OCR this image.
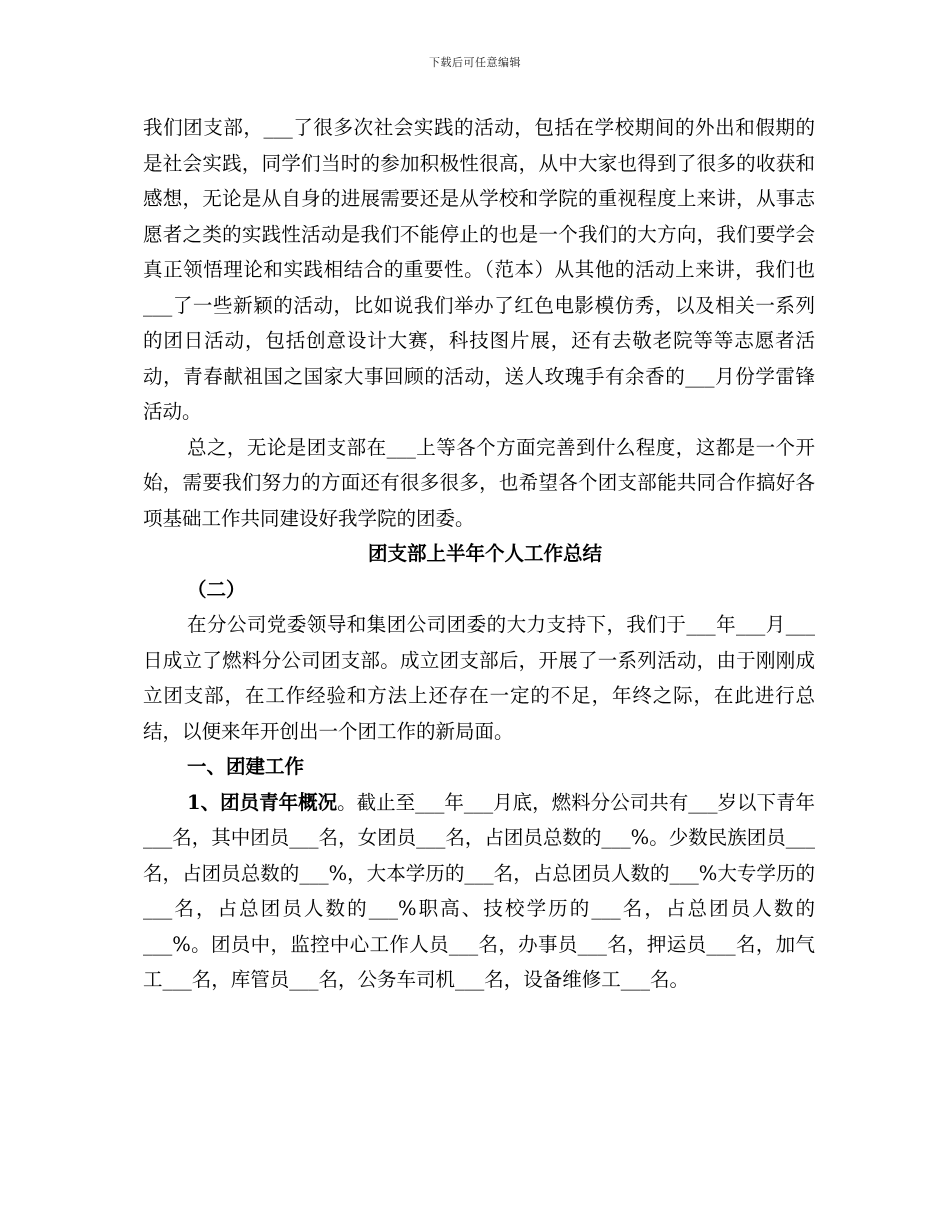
下载后可任意编辑

我们团支部，___了很多次社会实践的活动，包括在学校期间的外出和假期的是社会实践，同学们当时的参加积极性很高，从中大家也得到了很多的收获和感想，无论是从自身的进展需要还是从学校和学院的重视程度上来讲，从事志愿者之类的实践性活动是我们不能停止的也是一个我们的大方向，我们要学会真正领悟理论和实践相结合的重要性。（范本）从其他的活动上来讲，我们也___了一些新颖的活动，比如说我们举办了红色电影模仿秀，以及相关一系列的团日活动，包括创意设计大赛，科技图片展，还有去敬老院等等志愿者活动，青春献祖国之国家大事回顾的活动，送人玫瑰手有余香的___月份学雷锋活动。

总之，无论是团支部在___上等各个方面完善到什么程度，这都是一个开始，需要我们努力的方面还有很多很多，也希望各个团支部能共同合作搞好各项基础工作共同建设好我学院的团委。

团支部上半年个人工作总结

（二）

在分公司党委领导和集团公司团委的大力支持下，我们于___年___月___日成立了燃料分公司团支部。成立团支部后，开展了一系列活动，由于刚刚成立团支部，在工作经验和方法上还存在一定的不足，年终之际，在此进行总结，以便来年开创出一个团工作的新局面。

一、团建工作

1、团员青年概况。截止至___年___月底，燃料分公司共有___岁以下青年___名，其中团员___名，女团员___名，占团员总数的___%。少数民族团员___名，占团员总数的___%，大本学历的___名，占总团员人数的___%大专学历的___名，占总团员人数的___%职高、技校学历的___名，占总团员人数的___%。团员中，监控中心工作人员___名，办事员___名，押运员___名，加气工___名，库管员___名，公务车司机___名，设备维修工___名。
